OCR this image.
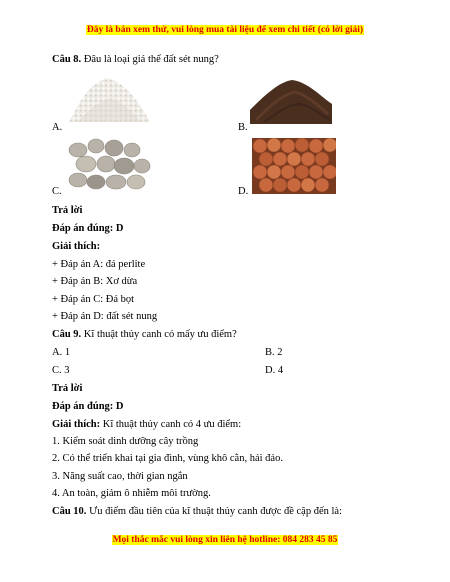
Đây là bản xem thử, vui lòng mua tài liệu để xem chi tiết (có lời giải)
Câu 8. Đâu là loại giá thể đất sét nung?
A.	B.
C.	D.
Trả lời
Đáp án đúng: D
Giải thích:
+ Đáp án A: đá perlite
+ Đáp án B: Xơ dừa
+ Đáp án C: Đá bọt
+ Đáp án D: đất sét nung
Câu 9. Kĩ thuật thủy canh có mấy ưu điểm?
A. 1	B. 2
C. 3	D. 4
Trả lời
Đáp án đúng: D
Giải thích: Kĩ thuật thủy canh có 4 ưu điểm:
1. Kiểm soát dinh dưỡng cây trồng
2. Có thể triển khai tại gia đình, vùng khô cằn, hải đảo.
3. Năng suất cao, thời gian ngắn
4. An toàn, giảm ô nhiễm môi trường.
Câu 10. Ưu điểm đầu tiên của kĩ thuật thủy canh được đề cập đến là:
Mọi thắc mắc vui lòng xin liên hệ hotline: 084 283 45 85
